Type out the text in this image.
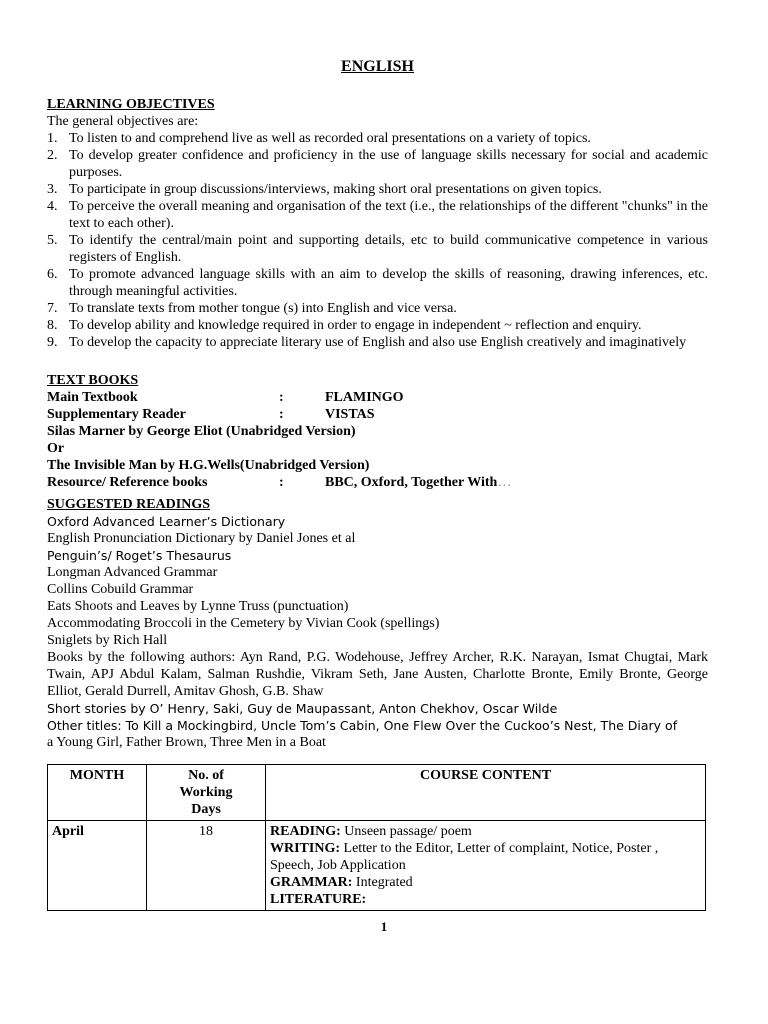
ENGLISH
LEARNING OBJECTIVES
The general objectives are:
1. To listen to and comprehend live as well as recorded oral presentations on a variety of topics.
2. To develop greater confidence and proficiency in the use of language skills necessary for social and academic purposes.
3. To participate in group discussions/interviews, making short oral presentations on given topics.
4. To perceive the overall meaning and organisation of the text (i.e., the relationships of the different "chunks" in the text to each other).
5. To identify the central/main point and supporting details, etc to build communicative competence in various registers of English.
6. To promote advanced language skills with an aim to develop the skills of reasoning, drawing inferences, etc. through meaningful activities.
7. To translate texts from mother tongue (s) into English and vice versa.
8. To develop ability and knowledge required in order to engage in independent ~ reflection and enquiry.
9. To develop the capacity to appreciate literary use of English and also use English creatively and imaginatively
TEXT BOOKS
Main Textbook	:	FLAMINGO
Supplementary Reader	:	VISTAS
Silas Marner by George Eliot (Unabridged Version)
Or
The Invisible Man by H.G.Wells(Unabridged Version)
Resource/ Reference books	:	BBC, Oxford, Together With…
SUGGESTED READINGS
Oxford Advanced Learner’s Dictionary
English Pronunciation Dictionary by Daniel Jones et al
Penguin’s/ Roget’s Thesaurus
Longman Advanced Grammar
Collins Cobuild Grammar
Eats Shoots and Leaves by Lynne Truss (punctuation)
Accommodating Broccoli in the Cemetery by Vivian Cook (spellings)
Sniglets by Rich Hall
Books by the following authors: Ayn Rand, P.G. Wodehouse, Jeffrey Archer, R.K. Narayan, Ismat Chugtai, Mark Twain, APJ Abdul Kalam, Salman Rushdie, Vikram Seth, Jane Austen, Charlotte Bronte, Emily Bronte, George Elliot, Gerald Durrell, Amitav Ghosh, G.B. Shaw
Short stories by O’ Henry, Saki, Guy de Maupassant, Anton Chekhov, Oscar Wilde
Other titles: To Kill a Mockingbird, Uncle Tom’s Cabin, One Flew Over the Cuckoo’s Nest, The Diary of
a Young Girl, Father Brown, Three Men in a Boat
MONTH	No. of
Working
Days	COURSE CONTENT
April	18	READING: Unseen passage/ poem
WRITING: Letter to the Editor, Letter of complaint, Notice, Poster ,
Speech, Job Application
GRAMMAR: Integrated
LITERATURE:
1
